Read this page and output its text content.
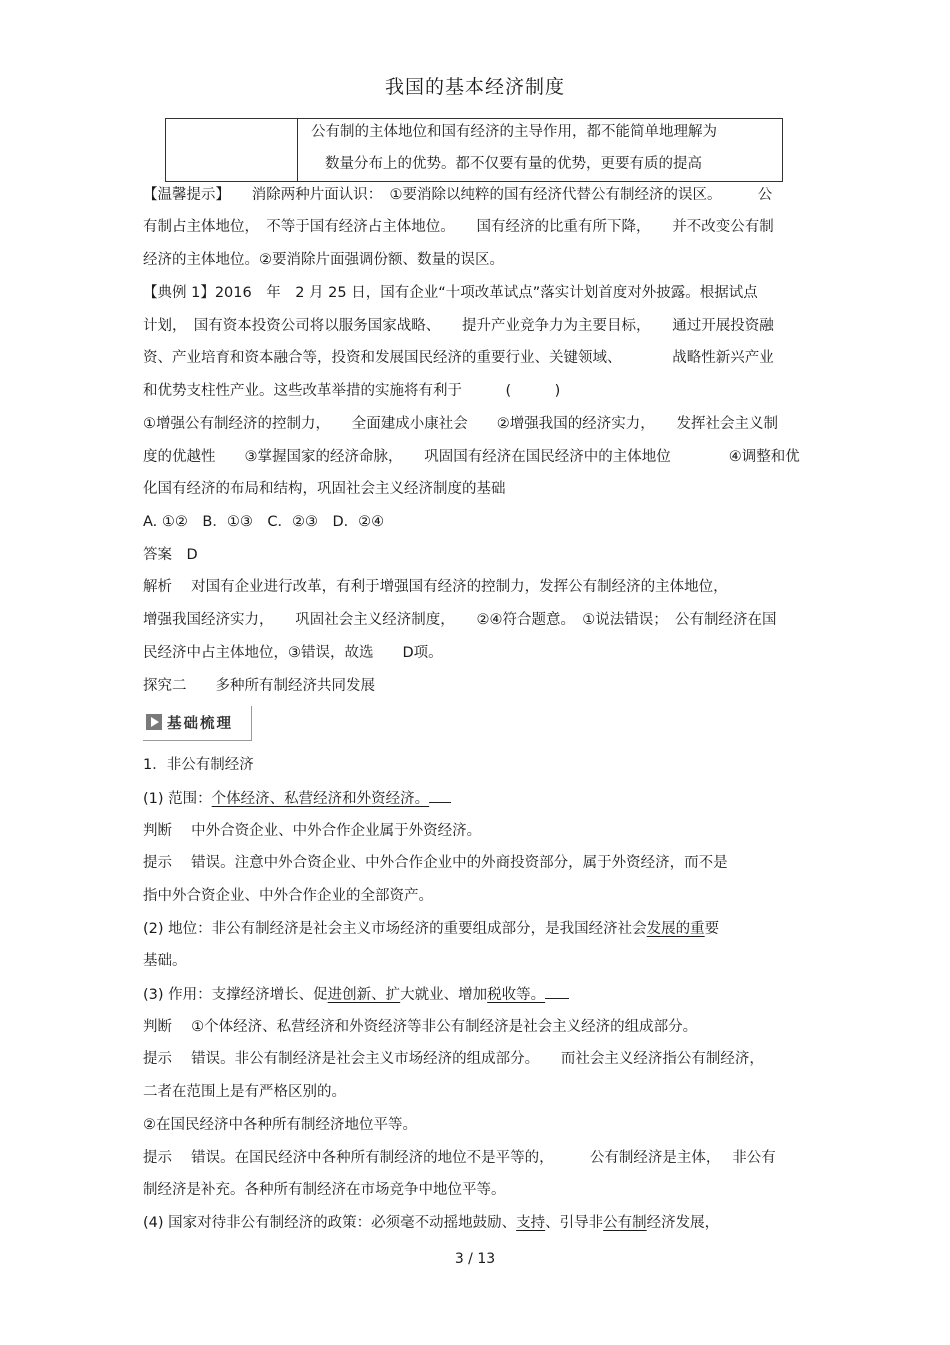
我国的基本经济制度
公有制的主体地位和国有经济的主导作用，都不能简单地理解为
数量分布上的优势。都不仅要有量的优势，更要有质的提高
【温馨提示】　　消除两种片面认识：　①要消除以纯粹的国有经济代替公有制经济的误区。　　　公
有制占主体地位，　不等于国有经济占主体地位。　　国有经济的比重有所下降，　　并不改变公有制
经济的主体地位。②要消除片面强调份额、数量的误区。
【典例 1】2016　年　2 月 25 日，国有企业“十项改革试点”落实计划首度对外披露。根据试点
计划，　国有资本投资公司将以服务国家战略、　　提升产业竞争力为主要目标，　　通过开展投资融
资、产业培育和资本融合等，投资和发展国民经济的重要行业、关键领域、　　　　战略性新兴产业
和优势支柱性产业。这些改革举措的实施将有利于　　　(　　　)
①增强公有制经济的控制力，　　全面建成小康社会　　②增强我国的经济实力，　　发挥社会主义制
度的优越性　　③掌握国家的经济命脉，　　巩固国有经济在国民经济中的主体地位　　　　④调整和优
化国有经济的布局和结构，巩固社会主义经济制度的基础
A. ①②　B．①③　C．②③　D．②④
答案　D
解析　 对国有企业进行改革，有利于增强国有经济的控制力，发挥公有制经济的主体地位，
增强我国经济实力，　　巩固社会主义经济制度，　　②④符合题意。　①说法错误；　公有制经济在国
民经济中占主体地位，③错误，故选　　D项。
探究二　　多种所有制经济共同发展
基础梳理
1．非公有制经济
(1) 范围：个体经济、私营经济和外资经济。
判断　 中外合资企业、中外合作企业属于外资经济。
提示　 错误。注意中外合资企业、中外合作企业中的外商投资部分，属于外资经济，而不是
指中外合资企业、中外合作企业的全部资产。
(2) 地位：非公有制经济是社会主义市场经济的重要组成部分，是我国经济社会发展的重要
基础。
(3) 作用：支撑经济增长、促进创新、扩大就业、增加税收等。
判断　 ①个体经济、私营经济和外资经济等非公有制经济是社会主义经济的组成部分。
提示　 错误。非公有制经济是社会主义市场经济的组成部分。　　而社会主义经济指公有制经济，
二者在范围上是有严格区别的。
②在国民经济中各种所有制经济地位平等。
提示　 错误。在国民经济中各种所有制经济的地位不是平等的，　　　公有制经济是主体，　 非公有
制经济是补充。各种所有制经济在市场竞争中地位平等。
(4) 国家对待非公有制经济的政策：必须毫不动摇地鼓励、支持、引导非公有制经济发展，
3 / 13
